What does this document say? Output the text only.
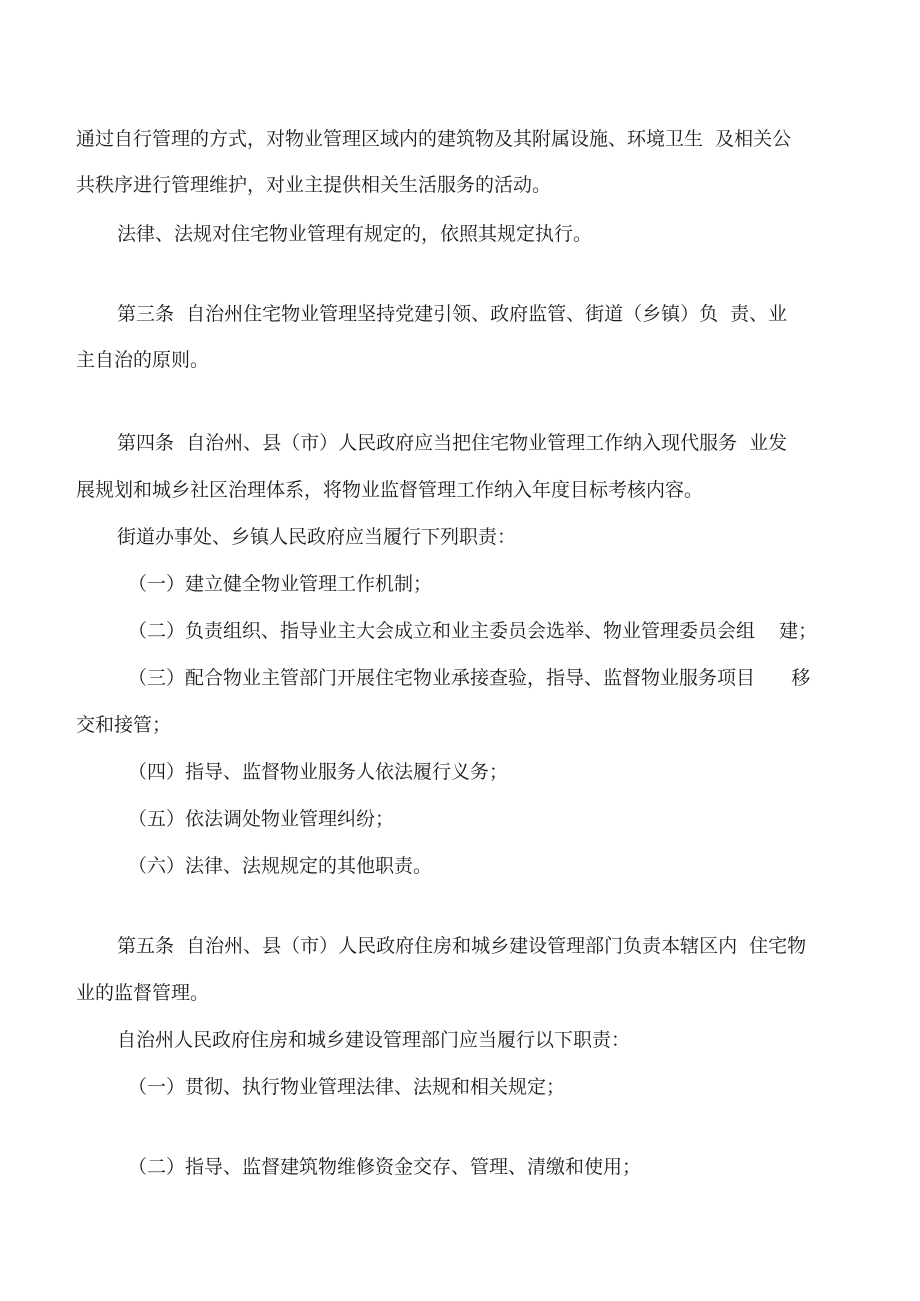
通过自行管理的方式，对物业管理区域内的建筑物及其附属设施、环境卫生  及相关公
共秩序进行管理维护，对业主提供相关生活服务的活动。
法律、法规对住宅物业管理有规定的，依照其规定执行。
第三条  自治州住宅物业管理坚持党建引领、政府监管、街道（乡镇）负  责、业
主自治的原则。
第四条  自治州、县（市）人民政府应当把住宅物业管理工作纳入现代服务  业发
展规划和城乡社区治理体系，将物业监督管理工作纳入年度目标考核内容。
街道办事处、乡镇人民政府应当履行下列职责：
（一）建立健全物业管理工作机制；
（二）负责组织、指导业主大会成立和业主委员会选举、物业管理委员会组    建；
（三）配合物业主管部门开展住宅物业承接查验，指导、监督物业服务项目      移
交和接管；
（四）指导、监督物业服务人依法履行义务；
（五）依法调处物业管理纠纷；
（六）法律、法规规定的其他职责。
第五条  自治州、县（市）人民政府住房和城乡建设管理部门负责本辖区内  住宅物
业的监督管理。
自治州人民政府住房和城乡建设管理部门应当履行以下职责：
（一）贯彻、执行物业管理法律、法规和相关规定；
（二）指导、监督建筑物维修资金交存、管理、清缴和使用；
